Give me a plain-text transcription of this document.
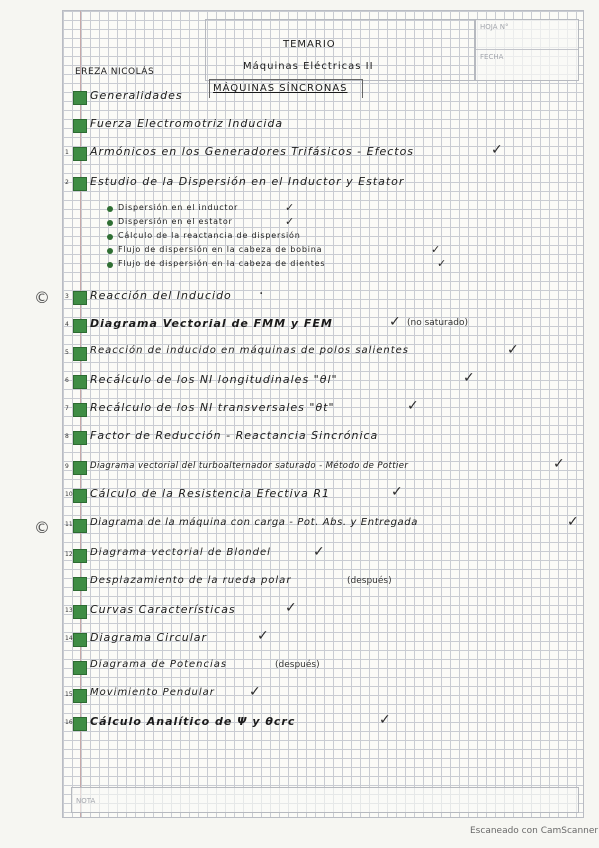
HOJA N°
FECHA
TEMARIO
Máquinas Eléctricas II
EREZA NICOLÁS
MÁQUINAS SÍNCRONAS
Generalidades
Fuerza Electromotriz Inducida
1 Armónicos en los Generadores Trifásicos - Efectos	✓
2 Estudio de la Dispersión en el Inductor y Estator
Dispersión en el inductor	✓
Dispersión en el estator	✓
Cálculo de la reactancia de dispersión
Flujo de dispersión en la cabeza de bobina	✓
Flujo de dispersión en la cabeza de dientes	✓
3 Reacción del Inducido ·
4 Diagrama Vectorial de FMM y FEM	✓ (no saturado)
5 Reacción de inducido en máquinas de polos salientes	✓
6 Recálculo de los NI longitudinales "θl"	✓
7 Recálculo de los NI transversales "θt"	✓
8 Factor de Reducción - Reactancia Sincrónica
9 Diagrama vectorial del turboalternador saturado - Método de Pottier	✓
10 Cálculo de la Resistencia Efectiva R1	✓
11 Diagrama de la máquina con carga - Pot. Abs. y Entregada	✓
12 Diagrama vectorial de Blondel	✓
Desplazamiento de la rueda polar	(después)
13 Curvas Características	✓
14 Diagrama Circular	✓
Diagrama de Potencias	(después)
15 Movimiento Pendular ✓
16 Cálculo Analítico de Ψ y θcrc	✓
NOTA
©
©
Escaneado con CamScanner
